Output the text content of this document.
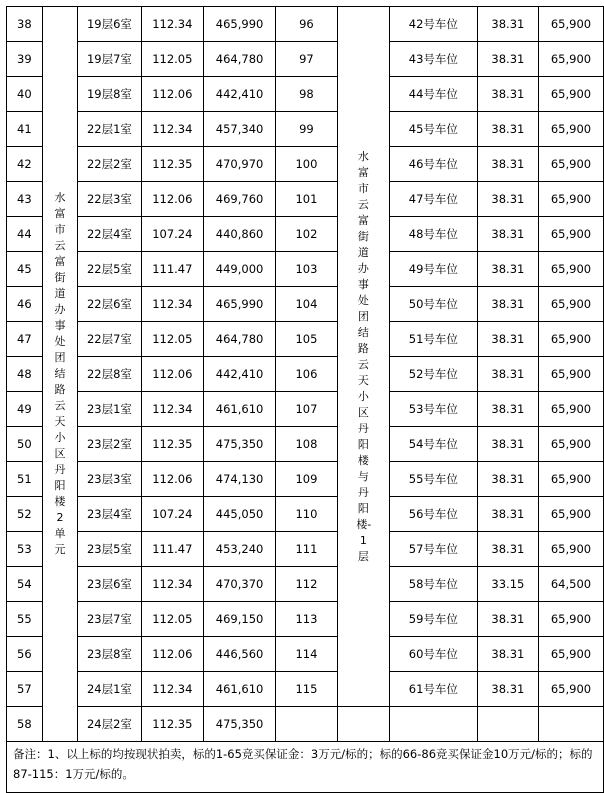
38	水富市云富街道办事处团结路云天小区丹阳楼2单元	19层6室	112.34	465,990	96	水富市云富街道办事处团结路云天小区丹阳楼与丹阳楼-1层	42号车位	38.31	65,900
39		19层7室	112.05	464,780	97		43号车位	38.31	65,900
40		19层8室	112.06	442,410	98		44号车位	38.31	65,900
41		22层1室	112.34	457,340	99		45号车位	38.31	65,900
42		22层2室	112.35	470,970	100		46号车位	38.31	65,900
43		22层3室	112.06	469,760	101		47号车位	38.31	65,900
44		22层4室	107.24	440,860	102		48号车位	38.31	65,900
45		22层5室	111.47	449,000	103		49号车位	38.31	65,900
46		22层6室	112.34	465,990	104		50号车位	38.31	65,900
47		22层7室	112.05	464,780	105		51号车位	38.31	65,900
48		22层8室	112.06	442,410	106		52号车位	38.31	65,900
49		23层1室	112.34	461,610	107		53号车位	38.31	65,900
50		23层2室	112.35	475,350	108		54号车位	38.31	65,900
51		23层3室	112.06	474,130	109		55号车位	38.31	65,900
52		23层4室	107.24	445,050	110		56号车位	38.31	65,900
53		23层5室	111.47	453,240	111		57号车位	38.31	65,900
54		23层6室	112.34	470,370	112		58号车位	33.15	64,500
55		23层7室	112.05	469,150	113		59号车位	38.31	65,900
56		23层8室	112.06	446,560	114		60号车位	38.31	65,900
57		24层1室	112.34	461,610	115		61号车位	38.31	65,900
58		24层2室	112.35	475,350					
备注：1、以上标的均按现状拍卖，标的1-65竞买保证金：3万元/标的；标的66-86竞买保证金10万元/标的；标的87-115：1万元/标的。									
